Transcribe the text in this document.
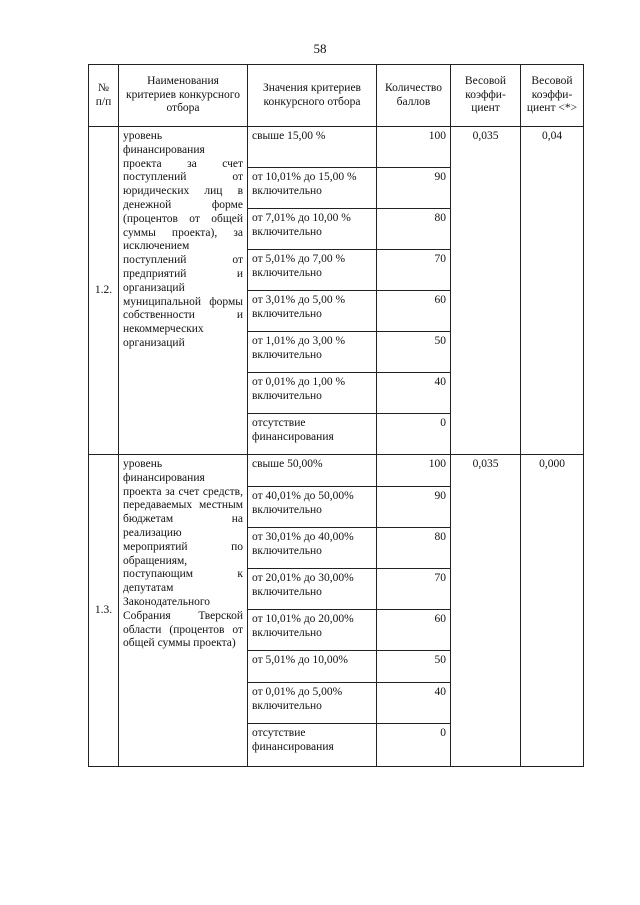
58
№ п/п	Наименования критериев конкурсного отбора	Значения критериев конкурсного отбора	Количество баллов	Весовой коэффи-циент	Весовой коэффи-циент <*>
1.2.	уровень финансирования проекта за счет поступлений от юридических лиц в денежной форме (процентов от общей суммы проекта), за исключением поступлений от предприятий и организаций муниципальной формы собственности и некоммерческих организаций	свыше 15,00 %	100	0,035	0,04
		от 10,01% до 15,00 % включительно	90		
		от 7,01% до 10,00 % включительно	80		
		от 5,01% до 7,00 % включительно	70		
		от 3,01% до 5,00 % включительно	60		
		от 1,01% до 3,00 % включительно	50		
		от 0,01% до 1,00 % включительно	40		
		отсутствие финансирования	0		
1.3.	уровень финансирования проекта за счет средств, передаваемых местным бюджетам на реализацию мероприятий по обращениям, поступающим к депутатам Законодательного Собрания Тверской области (процентов от общей суммы проекта)	свыше 50,00%	100	0,035	0,000
		от 40,01% до 50,00% включительно	90		
		от 30,01% до 40,00% включительно	80		
		от 20,01% до 30,00% включительно	70		
		от 10,01% до 20,00% включительно	60		
		от 5,01% до 10,00%	50		
		от 0,01% до 5,00% включительно	40		
		отсутствие финансирования	0		
